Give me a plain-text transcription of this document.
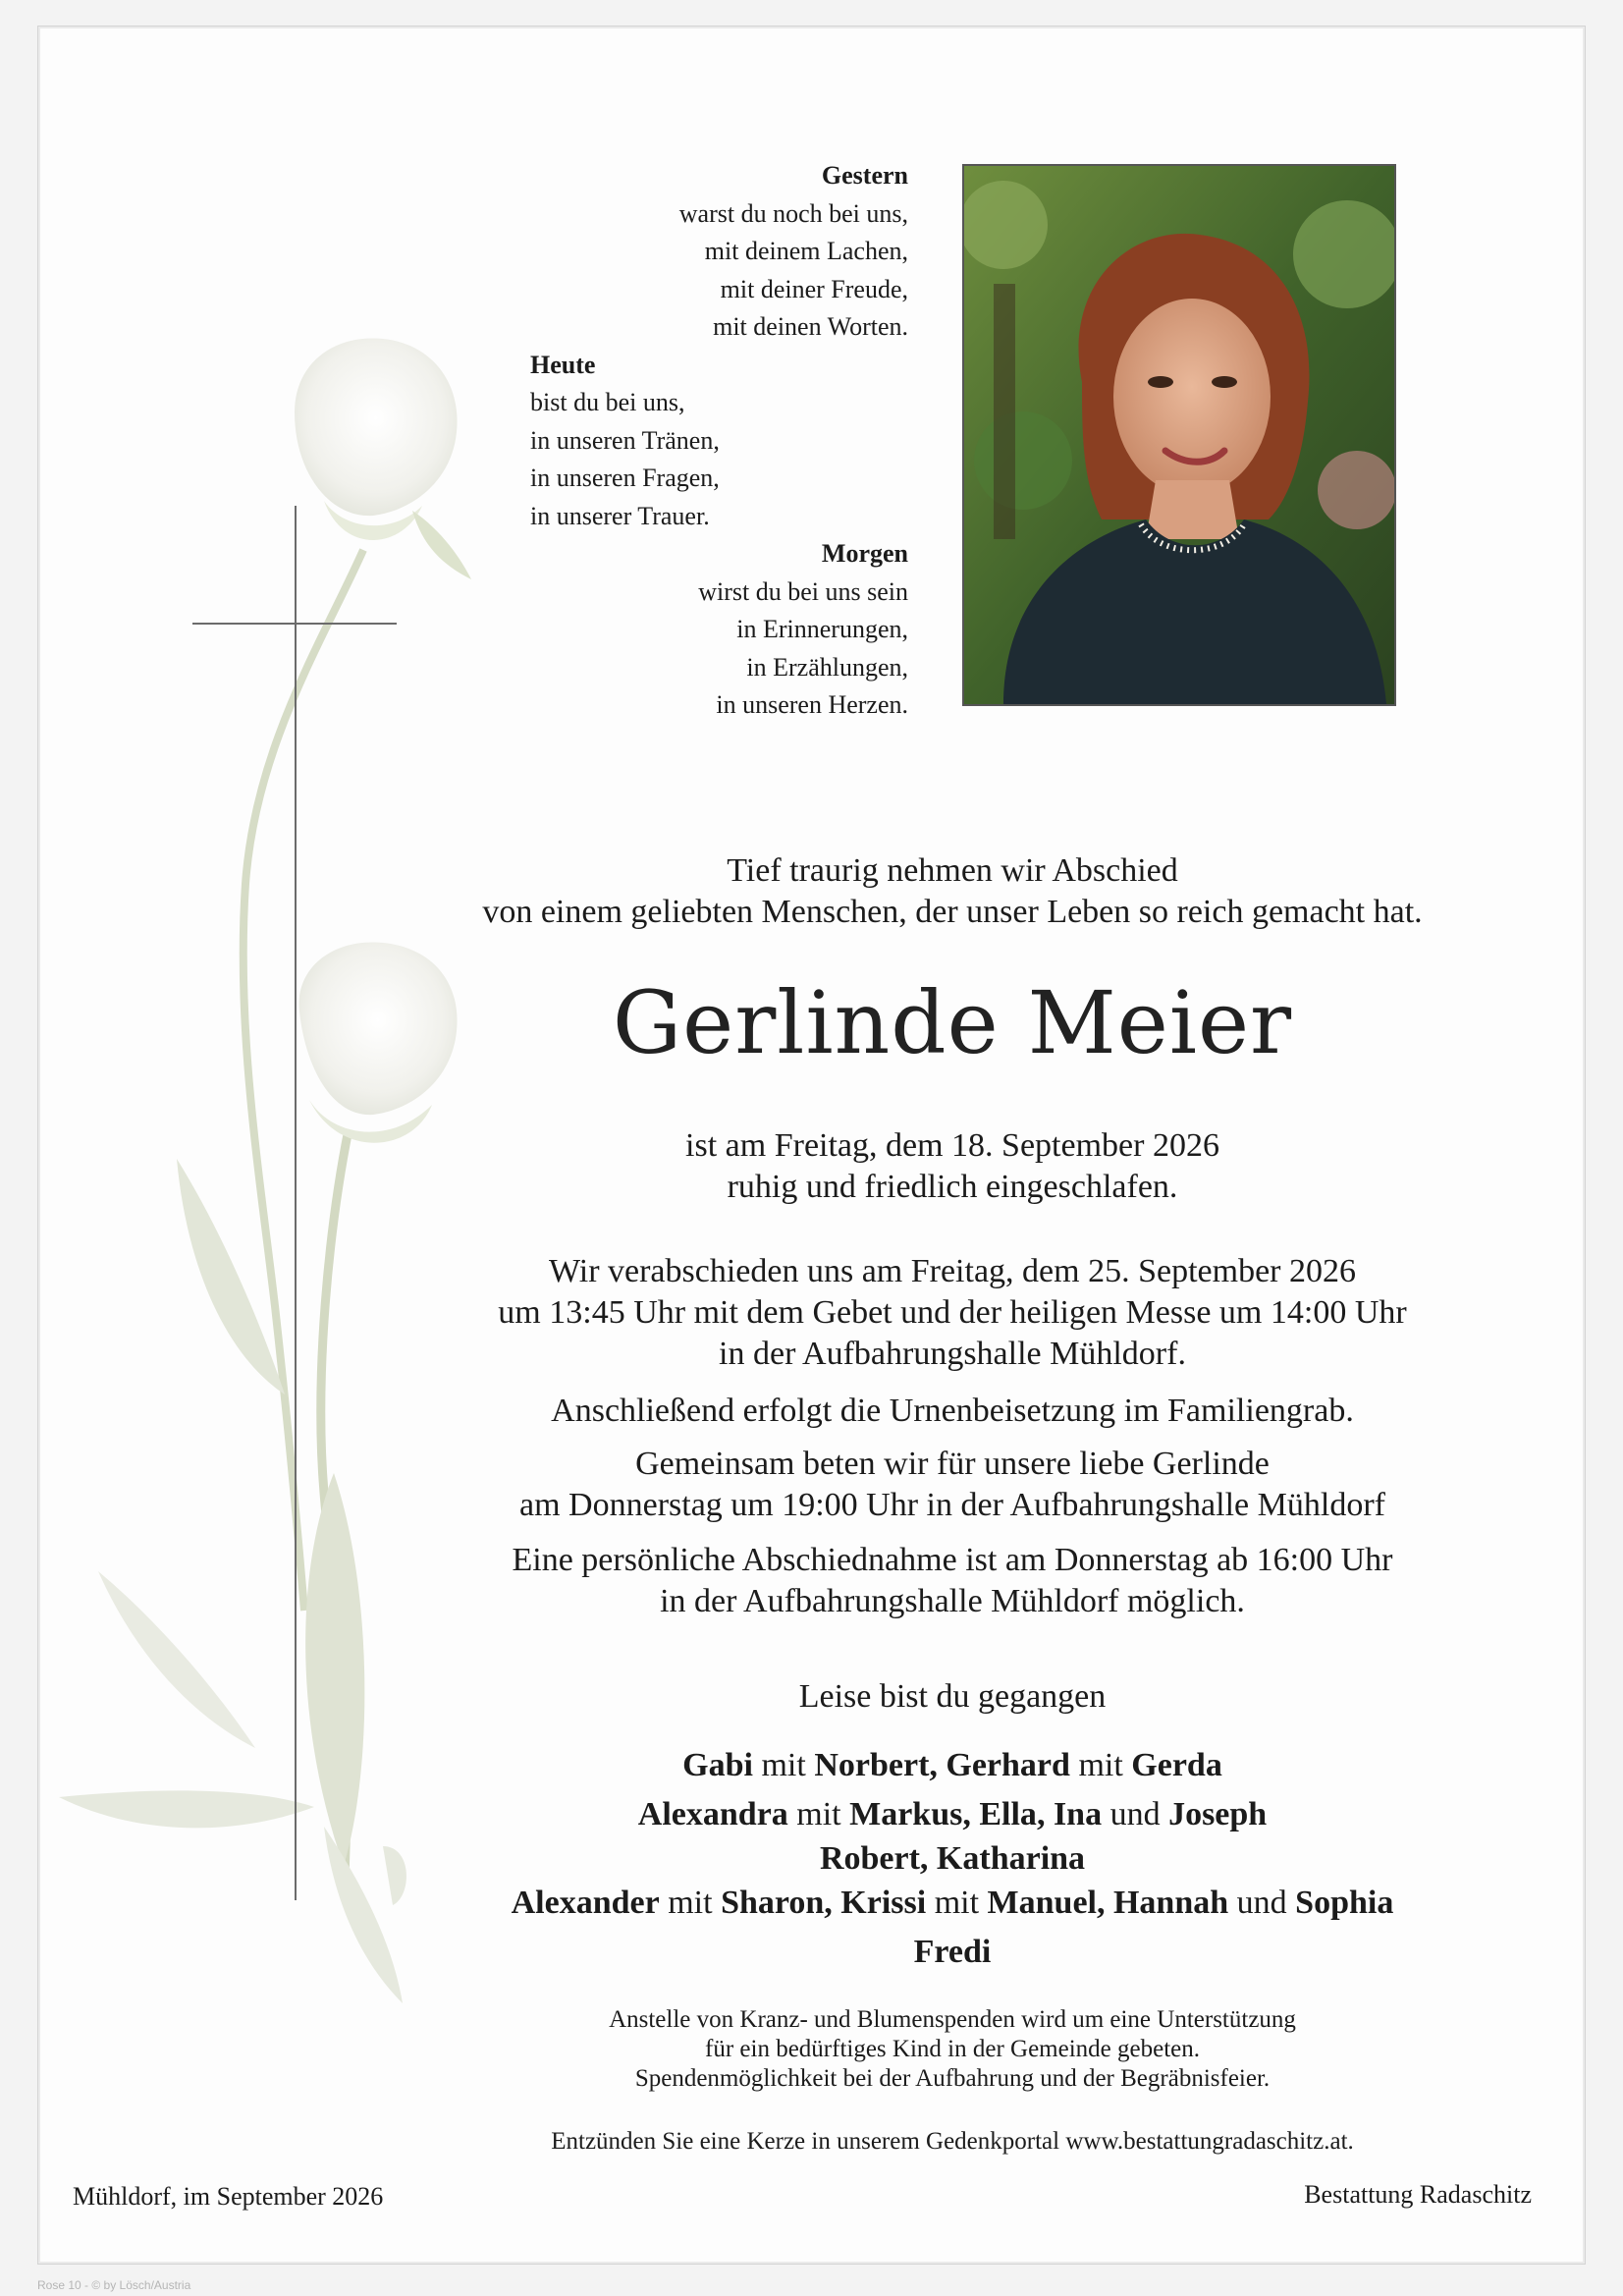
Gestern
warst du noch bei uns,
mit deinem Lachen,
mit deiner Freude,
mit deinen Worten.
Heute
bist du bei uns,
in unseren Tränen,
in unseren Fragen,
in unserer Trauer.
Morgen
wirst du bei uns sein
in Erinnerungen,
in Erzählungen,
in unseren Herzen.
Tief traurig nehmen wir Abschied
von einem geliebten Menschen, der unser Leben so reich gemacht hat.
Gerlinde Meier
ist am Freitag, dem 18. September 2026
ruhig und friedlich eingeschlafen.
Wir verabschieden uns am Freitag, dem 25. September 2026
um 13:45 Uhr mit dem Gebet und der heiligen Messe um 14:00 Uhr
in der Aufbahrungshalle Mühldorf.
Anschließend erfolgt die Urnenbeisetzung im Familiengrab.
Gemeinsam beten wir für unsere liebe Gerlinde
am Donnerstag um 19:00 Uhr in der Aufbahrungshalle Mühldorf
Eine persönliche Abschiednahme ist am Donnerstag ab 16:00 Uhr
in der Aufbahrungshalle Mühldorf möglich.
Leise bist du gegangen
Gabi mit Norbert, Gerhard mit Gerda
Alexandra mit Markus, Ella, Ina und Joseph
Robert, Katharina
Alexander mit Sharon, Krissi mit Manuel, Hannah und Sophia
Fredi
Anstelle von Kranz- und Blumenspenden wird um eine Unterstützung
für ein bedürftiges Kind in der Gemeinde gebeten.
Spendenmöglichkeit bei der Aufbahrung und der Begräbnisfeier.
Entzünden Sie eine Kerze in unserem Gedenkportal www.bestattungradaschitz.at.
Mühldorf, im September 2026	Bestattung Radaschitz
Rose 10 - © by Lösch/Austria
